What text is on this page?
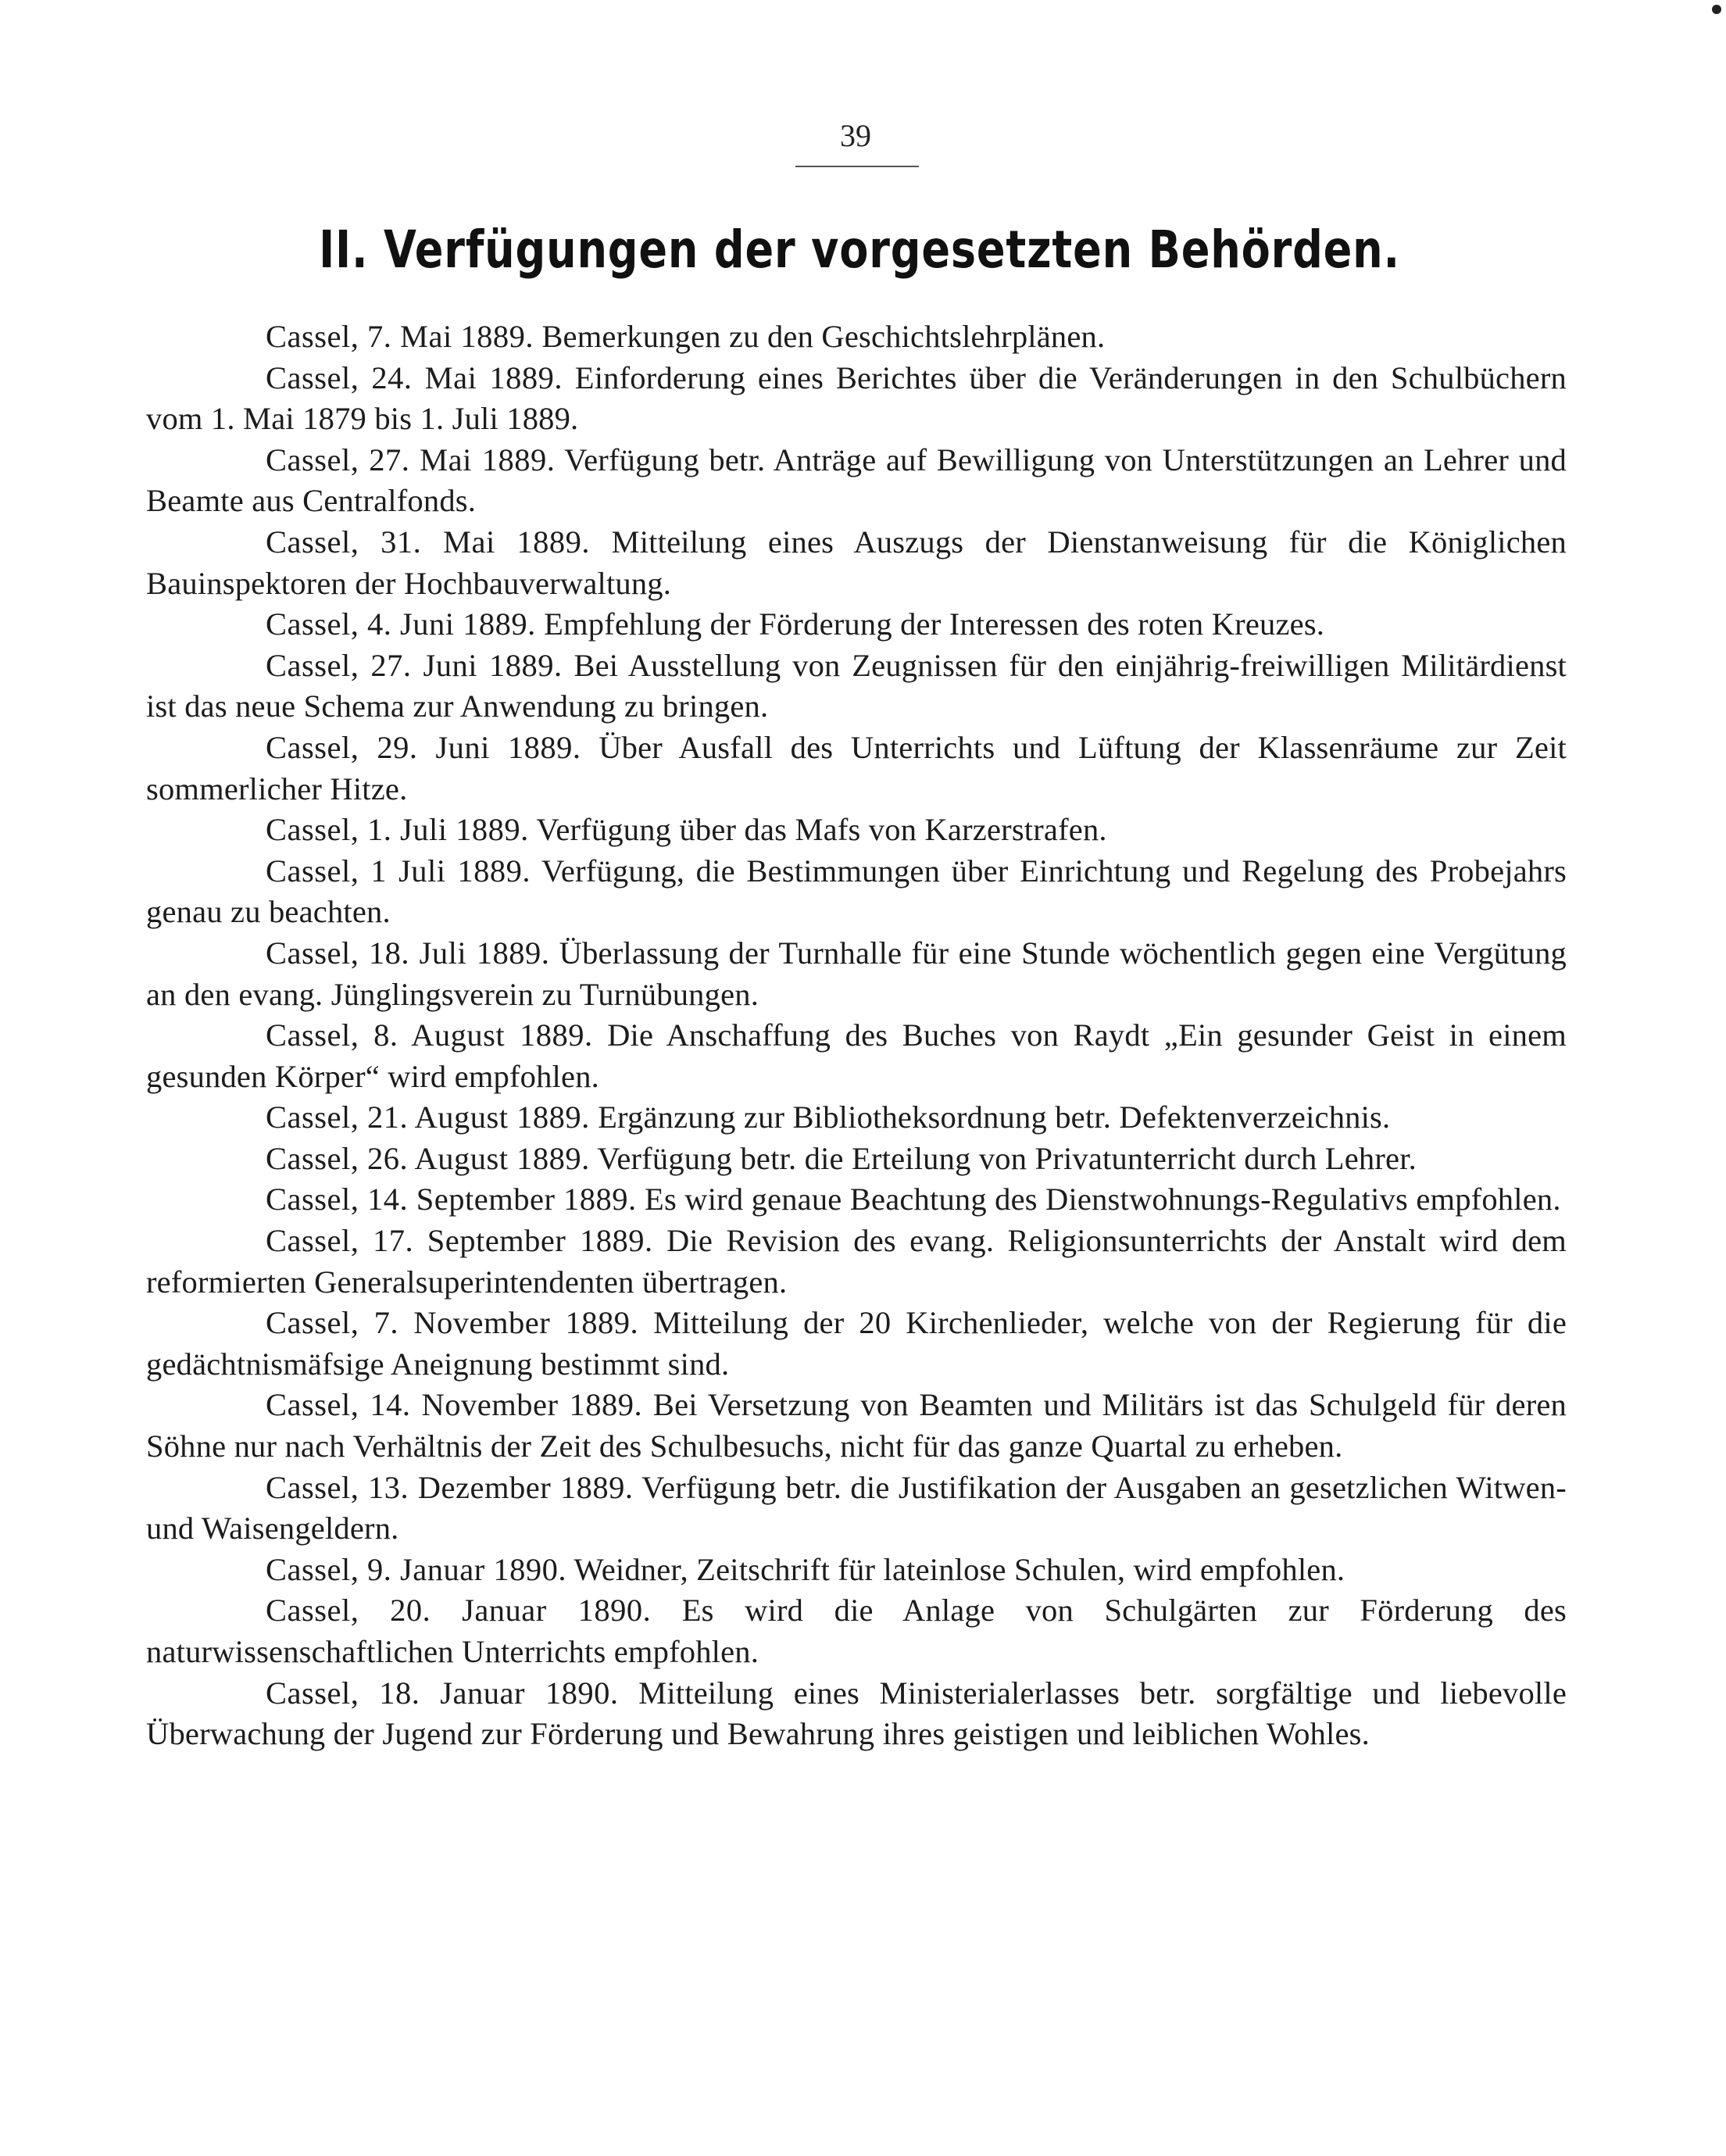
39
II. Verfügungen der vorgesetzten Behörden.

Cassel, 7. Mai 1889. Bemerkungen zu den Geschichtslehrplänen.

Cassel, 24. Mai 1889. Einforderung eines Berichtes über die Veränderungen in den Schulbüchern vom 1. Mai 1879 bis 1. Juli 1889.

Cassel, 27. Mai 1889. Verfügung betr. Anträge auf Bewilligung von Unterstützungen an Lehrer und Beamte aus Centralfonds.

Cassel, 31. Mai 1889. Mitteilung eines Auszugs der Dienstanweisung für die Königlichen Bauinspektoren der Hochbauverwaltung.

Cassel, 4. Juni 1889. Empfehlung der Förderung der Interessen des roten Kreuzes.

Cassel, 27. Juni 1889. Bei Ausstellung von Zeugnissen für den einjährig-freiwilligen Militärdienst ist das neue Schema zur Anwendung zu bringen.

Cassel, 29. Juni 1889. Über Ausfall des Unterrichts und Lüftung der Klassenräume zur Zeit sommerlicher Hitze.

Cassel, 1. Juli 1889. Verfügung über das Mafs von Karzerstrafen.

Cassel, 1 Juli 1889. Verfügung, die Bestimmungen über Einrichtung und Regelung des Probejahrs genau zu beachten.

Cassel, 18. Juli 1889. Überlassung der Turnhalle für eine Stunde wöchentlich gegen eine Vergütung an den evang. Jünglingsverein zu Turnübungen.

Cassel, 8. August 1889. Die Anschaffung des Buches von Raydt „Ein gesunder Geist in einem gesunden Körper“ wird empfohlen.

Cassel, 21. August 1889. Ergänzung zur Bibliotheksordnung betr. Defektenverzeichnis.

Cassel, 26. August 1889. Verfügung betr. die Erteilung von Privatunterricht durch Lehrer.

Cassel, 14. September 1889. Es wird genaue Beachtung des Dienstwohnungs-Regulativs empfohlen.

Cassel, 17. September 1889. Die Revision des evang. Religionsunterrichts der Anstalt wird dem reformierten Generalsuperintendenten übertragen.

Cassel, 7. November 1889. Mitteilung der 20 Kirchenlieder, welche von der Regierung für die gedächtnismäfsige Aneignung bestimmt sind.

Cassel, 14. November 1889. Bei Versetzung von Beamten und Militärs ist das Schulgeld für deren Söhne nur nach Verhältnis der Zeit des Schulbesuchs, nicht für das ganze Quartal zu erheben.

Cassel, 13. Dezember 1889. Verfügung betr. die Justifikation der Ausgaben an gesetzlichen Witwen- und Waisengeldern.

Cassel, 9. Januar 1890. Weidner, Zeitschrift für lateinlose Schulen, wird empfohlen.

Cassel, 20. Januar 1890. Es wird die Anlage von Schulgärten zur Förderung des naturwissenschaftlichen Unterrichts empfohlen.

Cassel, 18. Januar 1890. Mitteilung eines Ministerialerlasses betr. sorgfältige und liebevolle Überwachung der Jugend zur Förderung und Bewahrung ihres geistigen und leiblichen Wohles.
